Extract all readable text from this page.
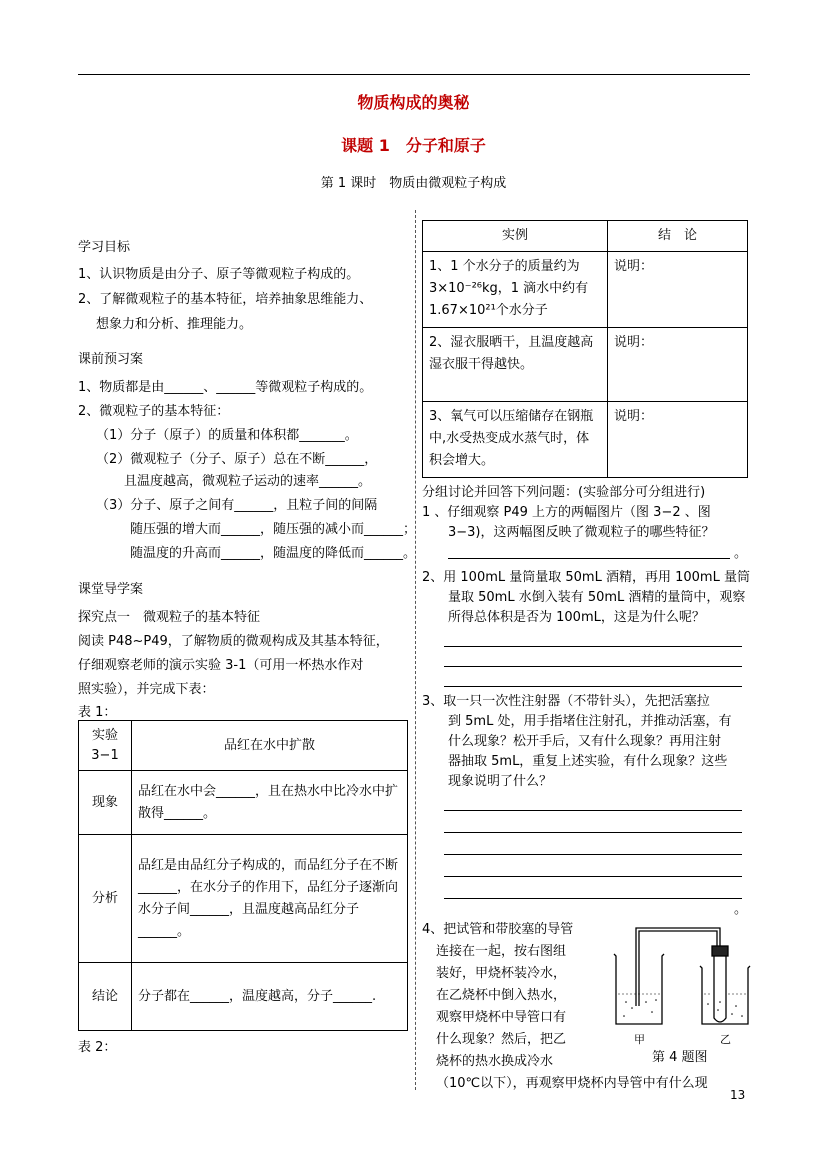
物质构成的奥秘
课题 1　分子和原子
第 1 课时　物质由微观粒子构成
学习目标
1、认识物质是由分子、原子等微观粒子构成的。
2、了解微观粒子的基本特征，培养抽象思维能力、
想象力和分析、推理能力。
课前预习案
1、物质都是由______、______等微观粒子构成的。
2、微观粒子的基本特征：
（1）分子（原子）的质量和体积都_______。
（2）微观粒子（分子、原子）总在不断______，
且温度越高，微观粒子运动的速率______。
（3）分子、原子之间有______，且粒子间的间隔
随压强的增大而______，随压强的减小而______；
随温度的升高而______，随温度的降低而______。
课堂导学案
探究点一　微观粒子的基本特征
阅读 P48~P49，了解物质的微观构成及其基本特征，
仔细观察老师的演示实验 3-1（可用一杯热水作对
照实验），并完成下表：
表 1：
实验
3−1	品红在水中扩散
现象	品红在水中会______，且在热水中比冷水中扩散得______。
分析	品红是由品红分子构成的，而品红分子在不断______，在水分子的作用下，品红分子逐渐向水分子间______，且温度越高品红分子______。
结论	分子都在______，温度越高，分子______.
表 2：
实例	结　论
1、1 个水分子的质量约为 3×10⁻²⁶kg，1 滴水中约有 1.67×10²¹个水分子	说明：
2、湿衣服晒干，且温度越高湿衣服干得越快。	说明：
3、氧气可以压缩储存在钢瓶中,水受热变成水蒸气时，体积会增大。	说明：
分组讨论并回答下列问题：(实验部分可分组进行)
1 、仔细观察 P49 上方的两幅图片（图 3−2 、图
3−3)，这两幅图反映了微观粒子的哪些特征？
。
2、用 100mL 量筒量取 50mL 酒精，再用 100mL 量筒
量取 50mL 水倒入装有 50mL 酒精的量筒中，观察
所得总体积是否为 100mL，这是为什么呢？
3、取一只一次性注射器（不带针头），先把活塞拉
到 5mL 处，用手指堵住注射孔，并推动活塞，有
什么现象？松开手后，又有什么现象？再用注射
器抽取 5mL，重复上述实验，有什么现象？这些
现象说明了什么？
。
4、把试管和带胶塞的导管
连接在一起，按右图组
装好，甲烧杯装冷水，
在乙烧杯中倒入热水，
观察甲烧杯中导管口有
什么现象？然后，把乙
烧杯的热水换成冷水
（10℃以下），再观察甲烧杯内导管中有什么现
甲	乙
第 4 题图
13
